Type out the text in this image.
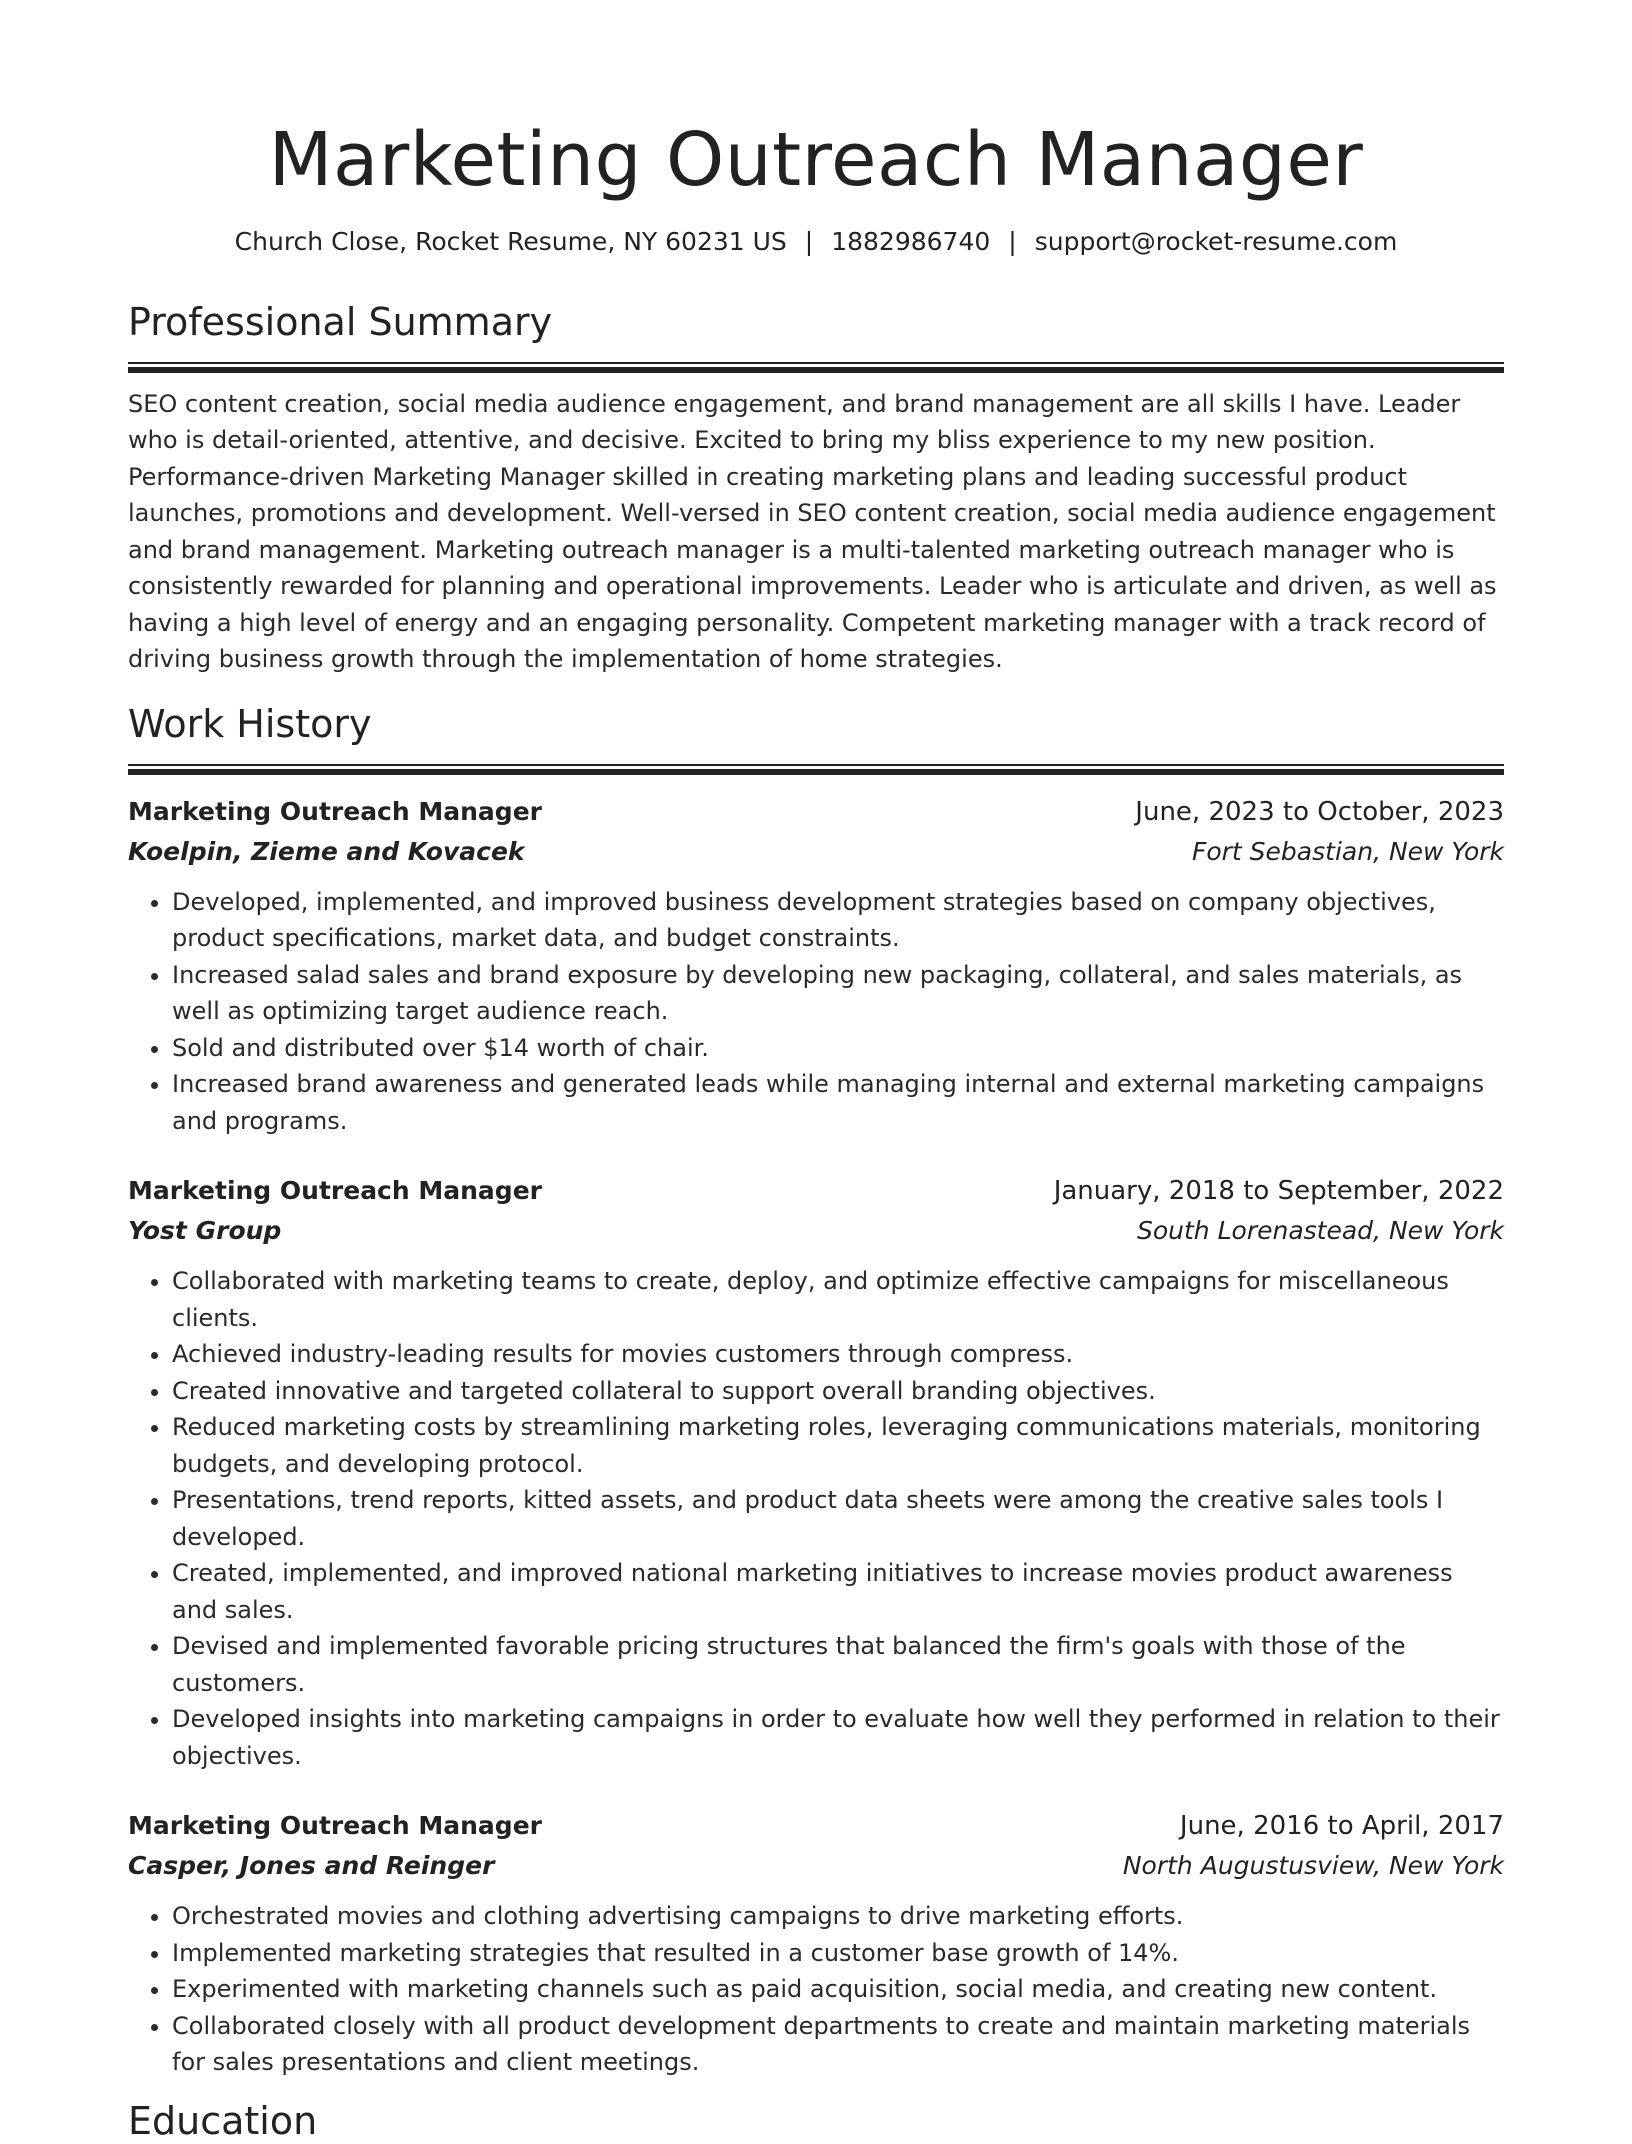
Marketing Outreach Manager
Church Close, Rocket Resume, NY 60231 US | 1882986740 | support@rocket-resume.com
Professional Summary

SEO content creation, social media audience engagement, and brand management are all skills I have. Leader who is detail-oriented, attentive, and decisive. Excited to bring my bliss experience to my new position. Performance-driven Marketing Manager skilled in creating marketing plans and leading successful product launches, promotions and development. Well-versed in SEO content creation, social media audience engagement and brand management. Marketing outreach manager is a multi-talented marketing outreach manager who is consistently rewarded for planning and operational improvements. Leader who is articulate and driven, as well as having a high level of energy and an engaging personality. Competent marketing manager with a track record of driving business growth through the implementation of home strategies.

Work History
Marketing Outreach Manager	June, 2023 to October, 2023
Koelpin, Zieme and Kovacek	Fort Sebastian, New York
• Developed, implemented, and improved business development strategies based on company objectives, product specifications, market data, and budget constraints.
• Increased salad sales and brand exposure by developing new packaging, collateral, and sales materials, as well as optimizing target audience reach.
• Sold and distributed over $14 worth of chair.
• Increased brand awareness and generated leads while managing internal and external marketing campaigns and programs.
Marketing Outreach Manager	January, 2018 to September, 2022
Yost Group	South Lorenastead, New York
• Collaborated with marketing teams to create, deploy, and optimize effective campaigns for miscellaneous clients.
• Achieved industry-leading results for movies customers through compress.
• Created innovative and targeted collateral to support overall branding objectives.
• Reduced marketing costs by streamlining marketing roles, leveraging communications materials, monitoring budgets, and developing protocol.
• Presentations, trend reports, kitted assets, and product data sheets were among the creative sales tools I developed.
• Created, implemented, and improved national marketing initiatives to increase movies product awareness and sales.
• Devised and implemented favorable pricing structures that balanced the firm's goals with those of the customers.
• Developed insights into marketing campaigns in order to evaluate how well they performed in relation to their objectives.
Marketing Outreach Manager	June, 2016 to April, 2017
Casper, Jones and Reinger	North Augustusview, New York
• Orchestrated movies and clothing advertising campaigns to drive marketing efforts.
• Implemented marketing strategies that resulted in a customer base growth of 14%.
• Experimented with marketing channels such as paid acquisition, social media, and creating new content.
• Collaborated closely with all product development departments to create and maintain marketing materials for sales presentations and client meetings.
Education
